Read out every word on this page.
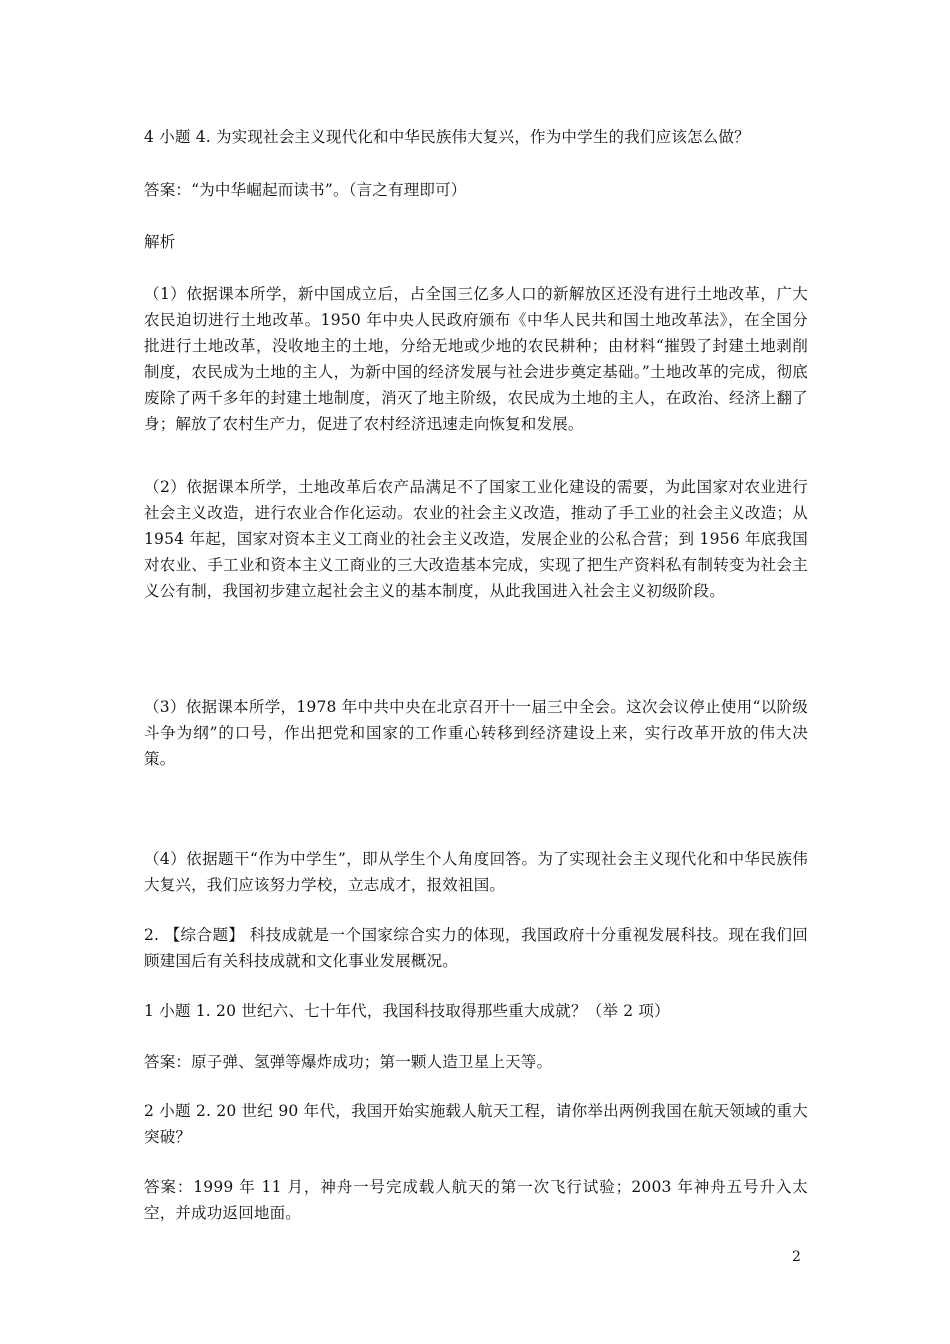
4 小题 4. 为实现社会主义现代化和中华民族伟大复兴，作为中学生的我们应该怎么做？

答案：“为中华崛起而读书”。（言之有理即可）

解析

（1）依据课本所学，新中国成立后，占全国三亿多人口的新解放区还没有进行土地改革，广大农民迫切进行土地改革。1950 年中央人民政府颁布《中华人民共和国土地改革法》，在全国分批进行土地改革，没收地主的土地，分给无地或少地的农民耕种；由材料“摧毁了封建土地剥削制度，农民成为土地的主人，为新中国的经济发展与社会进步奠定基础。”土地改革的完成，彻底废除了两千多年的封建土地制度，消灭了地主阶级，农民成为土地的主人，在政治、经济上翻了身；解放了农村生产力，促进了农村经济迅速走向恢复和发展。

（2）依据课本所学，土地改革后农产品满足不了国家工业化建设的需要，为此国家对农业进行社会主义改造，进行农业合作化运动。农业的社会主义改造，推动了手工业的社会主义改造；从 1954 年起，国家对资本主义工商业的社会主义改造，发展企业的公私合营；到 1956 年底我国对农业、手工业和资本主义工商业的三大改造基本完成，实现了把生产资料私有制转变为社会主义公有制，我国初步建立起社会主义的基本制度，从此我国进入社会主义初级阶段。

（3）依据课本所学，1978 年中共中央在北京召开十一届三中全会。这次会议停止使用“以阶级斗争为纲”的口号，作出把党和国家的工作重心转移到经济建设上来，实行改革开放的伟大决策。

（4）依据题干“作为中学生”，即从学生个人角度回答。为了实现社会主义现代化和中华民族伟大复兴，我们应该努力学校，立志成才，报效祖国。

2. 【综合题】 科技成就是一个国家综合实力的体现，我国政府十分重视发展科技。现在我们回顾建国后有关科技成就和文化事业发展概况。

1 小题 1. 20 世纪六、七十年代，我国科技取得那些重大成就？（举 2 项）

答案：原子弹、氢弹等爆炸成功；第一颗人造卫星上天等。

2 小题 2. 20 世纪 90 年代，我国开始实施载人航天工程，请你举出两例我国在航天领域的重大突破？

答案：1999 年 11 月，神舟一号完成载人航天的第一次飞行试验；2003 年神舟五号升入太空，并成功返回地面。

2
